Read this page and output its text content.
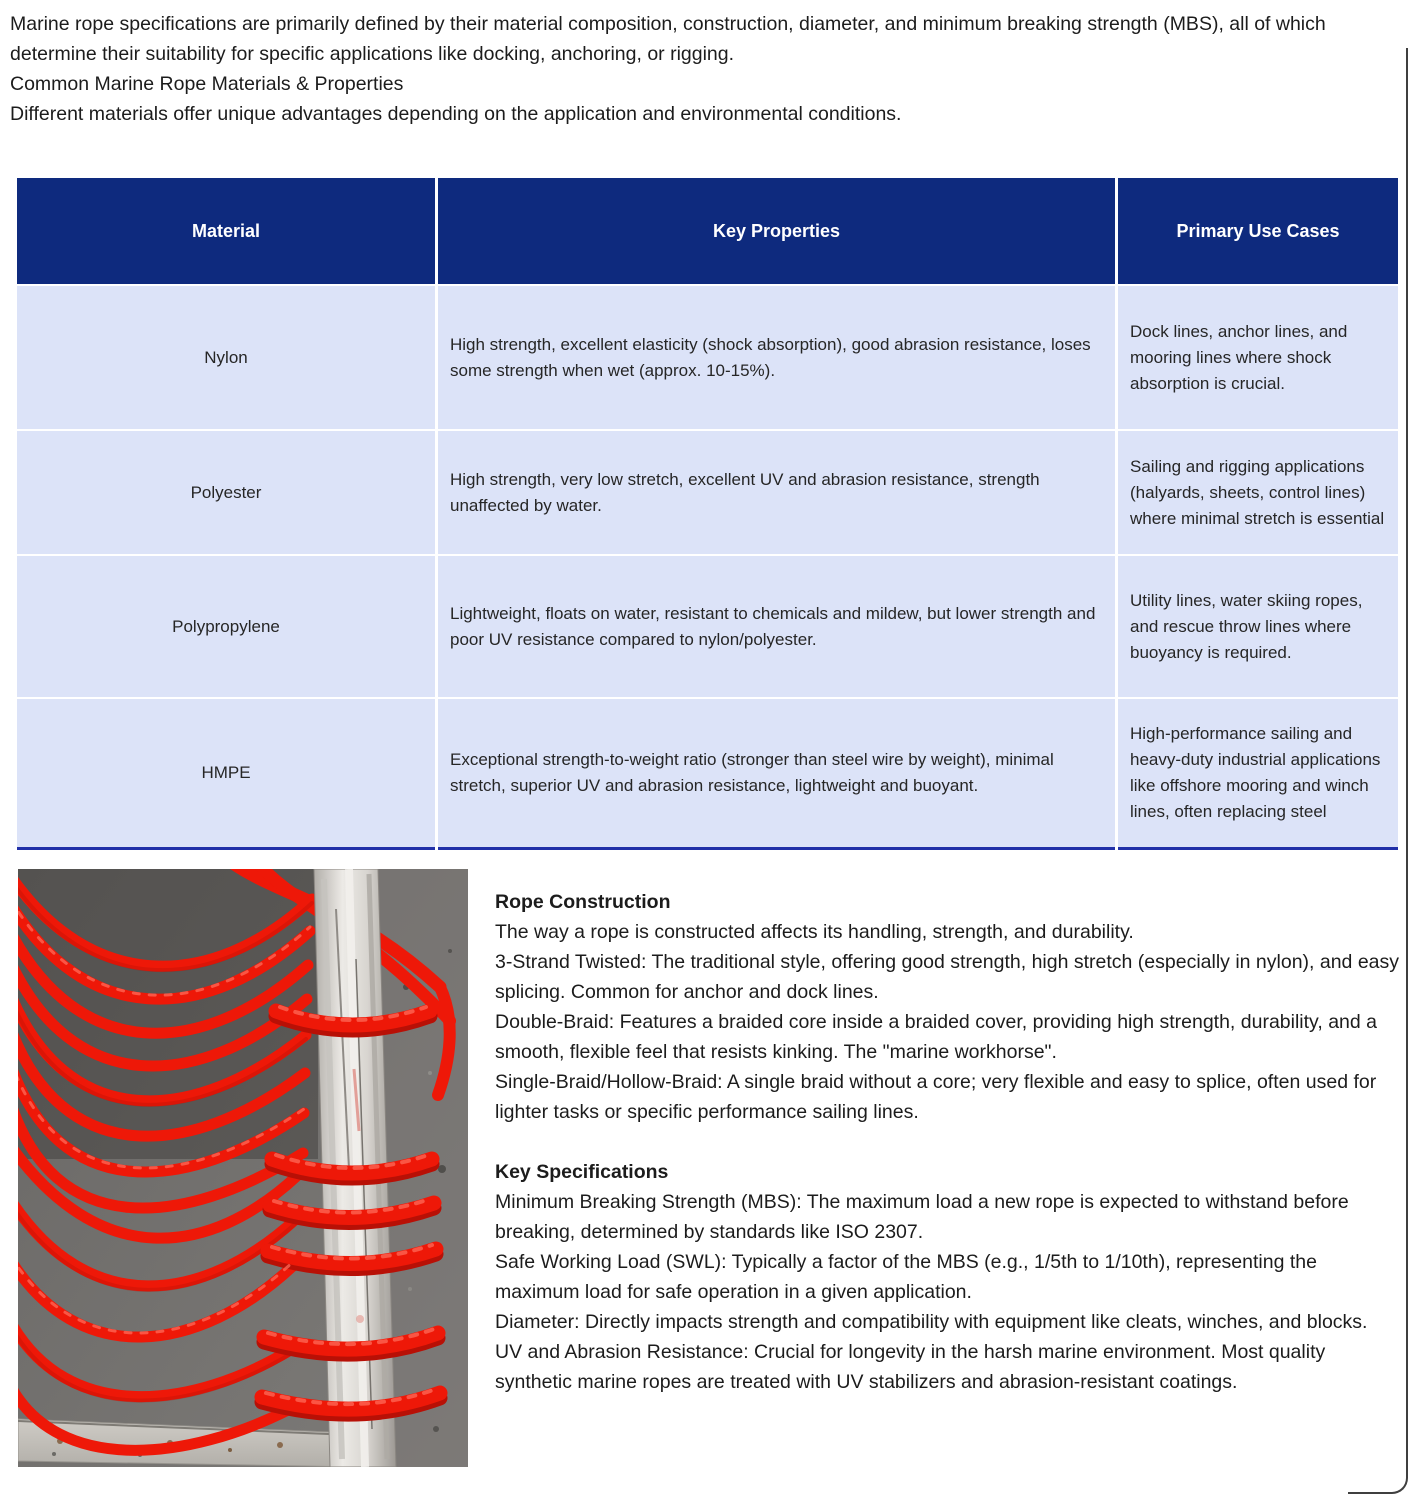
Marine rope specifications are primarily defined by their material composition, construction, diameter, and minimum breaking strength (MBS), all of which determine their suitability for specific applications like docking, anchoring, or rigging.

Common Marine Rope Materials & Properties

Different materials offer unique advantages depending on the application and environmental conditions.

Material	Key Properties	Primary Use Cases
Nylon	High strength, excellent elasticity (shock absorption), good abrasion resistance, loses some strength when wet (approx. 10-15%).	Dock lines, anchor lines, and mooring lines where shock absorption is crucial.
Polyester	High strength, very low stretch, excellent UV and abrasion resistance, strength unaffected by water.	Sailing and rigging applications (halyards, sheets, control lines) where minimal stretch is essential
Polypropylene	Lightweight, floats on water, resistant to chemicals and mildew, but lower strength and poor UV resistance compared to nylon/polyester.	Utility lines, water skiing ropes, and rescue throw lines where buoyancy is required.
HMPE	Exceptional strength-to-weight ratio (stronger than steel wire by weight), minimal stretch, superior UV and abrasion resistance, lightweight and buoyant.	High-performance sailing and heavy-duty industrial applications like offshore mooring and winch lines, often replacing steel

Rope Construction

The way a rope is constructed affects its handling, strength, and durability.

3-Strand Twisted: The traditional style, offering good strength, high stretch (especially in nylon), and easy splicing. Common for anchor and dock lines.

Double-Braid: Features a braided core inside a braided cover, providing high strength, durability, and a smooth, flexible feel that resists kinking. The "marine workhorse".

Single-Braid/Hollow-Braid: A single braid without a core; very flexible and easy to splice, often used for lighter tasks or specific performance sailing lines.

Key Specifications

Minimum Breaking Strength (MBS): The maximum load a new rope is expected to withstand before breaking, determined by standards like ISO 2307.

Safe Working Load (SWL): Typically a factor of the MBS (e.g., 1/5th to 1/10th), representing the maximum load for safe operation in a given application.

Diameter: Directly impacts strength and compatibility with equipment like cleats, winches, and blocks.

UV and Abrasion Resistance: Crucial for longevity in the harsh marine environment. Most quality synthetic marine ropes are treated with UV stabilizers and abrasion-resistant coatings.
